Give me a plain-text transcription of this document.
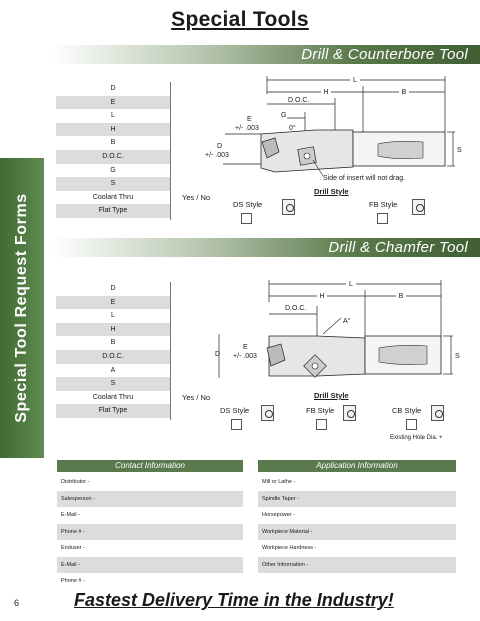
Special Tools
Special Tool Request Forms
Drill & Counterbore Tool
D
E
L
H
B
D.O.C.
G
S
Coolant Thru	Yes / No
Flat Type
L
H	B
D.O.C.
G
0°
E
+/- .003
D
+/- .003
S
Side of insert will not drag.
Drill Style
DS Style	FB Style
Drill & Chamfer Tool
D
E
L
H
B
D.O.C.
A
S
Coolant Thru	Yes / No
Flat Type
L
H	B
D.O.C.
A°
D
E
+/- .003	S
Drill Style
DS Style	FB Style	CB Style
Existing Hole Dia. +
Contact Information
Distributor -
Salesperson -
E-Mail -
Phone # -
Enduser -
E-Mail -
Phone # -
Application Information
Mill or Lathe -
Spindle Taper -
Horsepower -
Workpiece Material -
Workpiece Hardness -
Other Information -
6	Fastest Delivery Time in the Industry!
